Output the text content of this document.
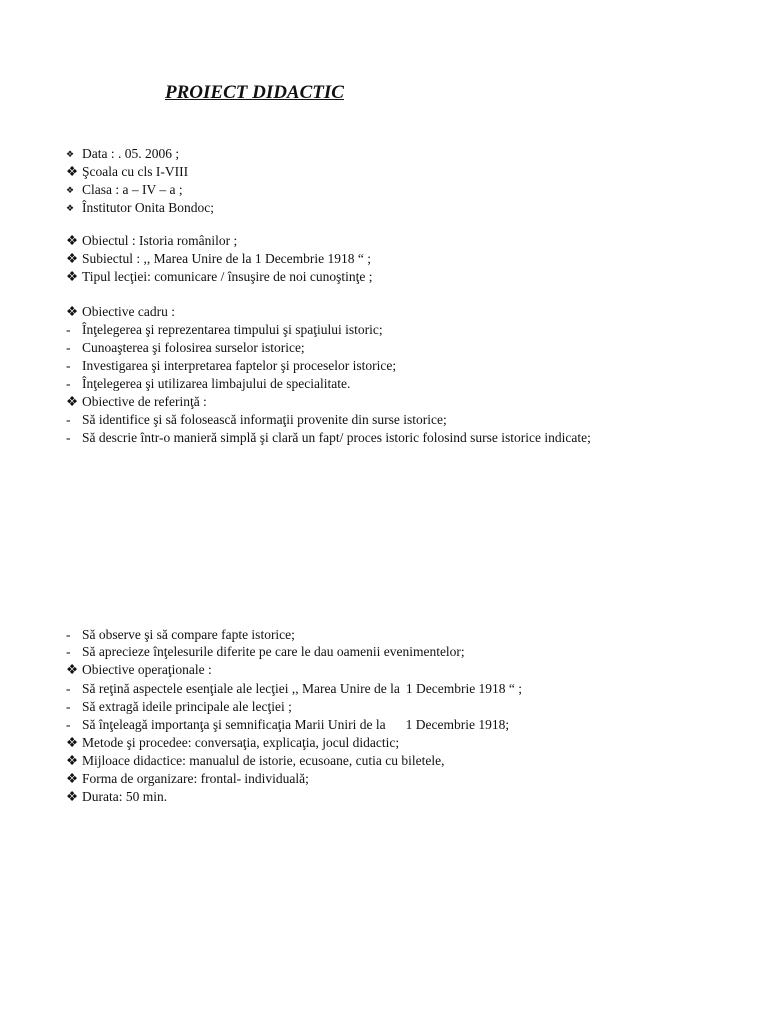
PROIECT DIDACTIC
❖ Data : . 05. 2006 ;
❖ Şcoala cu cls I-VIII
❖ Clasa : a – IV – a ;
❖ Înstitutor Onita Bondoc;
❖ Obiectul : Istoria românilor ;
❖ Subiectul : ,, Marea Unire de la 1 Decembrie 1918 “ ;
❖ Tipul lecţiei: comunicare / însuşire de noi cunoştinţe ;
❖ Obiective cadru :
- Înţelegerea şi reprezentarea timpului şi spaţiului istoric;
- Cunoaşterea şi folosirea surselor istorice;
- Investigarea şi interpretarea faptelor şi proceselor istorice;
- Înţelegerea şi utilizarea limbajului de specialitate.
❖ Obiective de referinţă :
- Să identifice şi să folosească informaţii provenite din surse istorice;
- Să descrie într-o manieră simplă şi clară un fapt/ proces istoric folosind surse istorice indicate;
- Să observe şi să compare fapte istorice;
- Să aprecieze înţelesurile diferite pe care le dau oamenii evenimentelor;
❖ Obiective operaţionale :
- Să reţină aspectele esenţiale ale lecţiei ,, Marea Unire de la 1 Decembrie 1918 “ ;
- Să extragă ideile principale ale lecţiei ;
- Să înţeleagă importanţa şi semnificaţia Marii Uniri de la 1 Decembrie 1918;
❖ Metode şi procedee: conversaţia, explicaţia, jocul didactic;
❖ Mijloace didactice: manualul de istorie, ecusoane, cutia cu biletele,
❖ Forma de organizare: frontal- individuală;
❖ Durata: 50 min.
